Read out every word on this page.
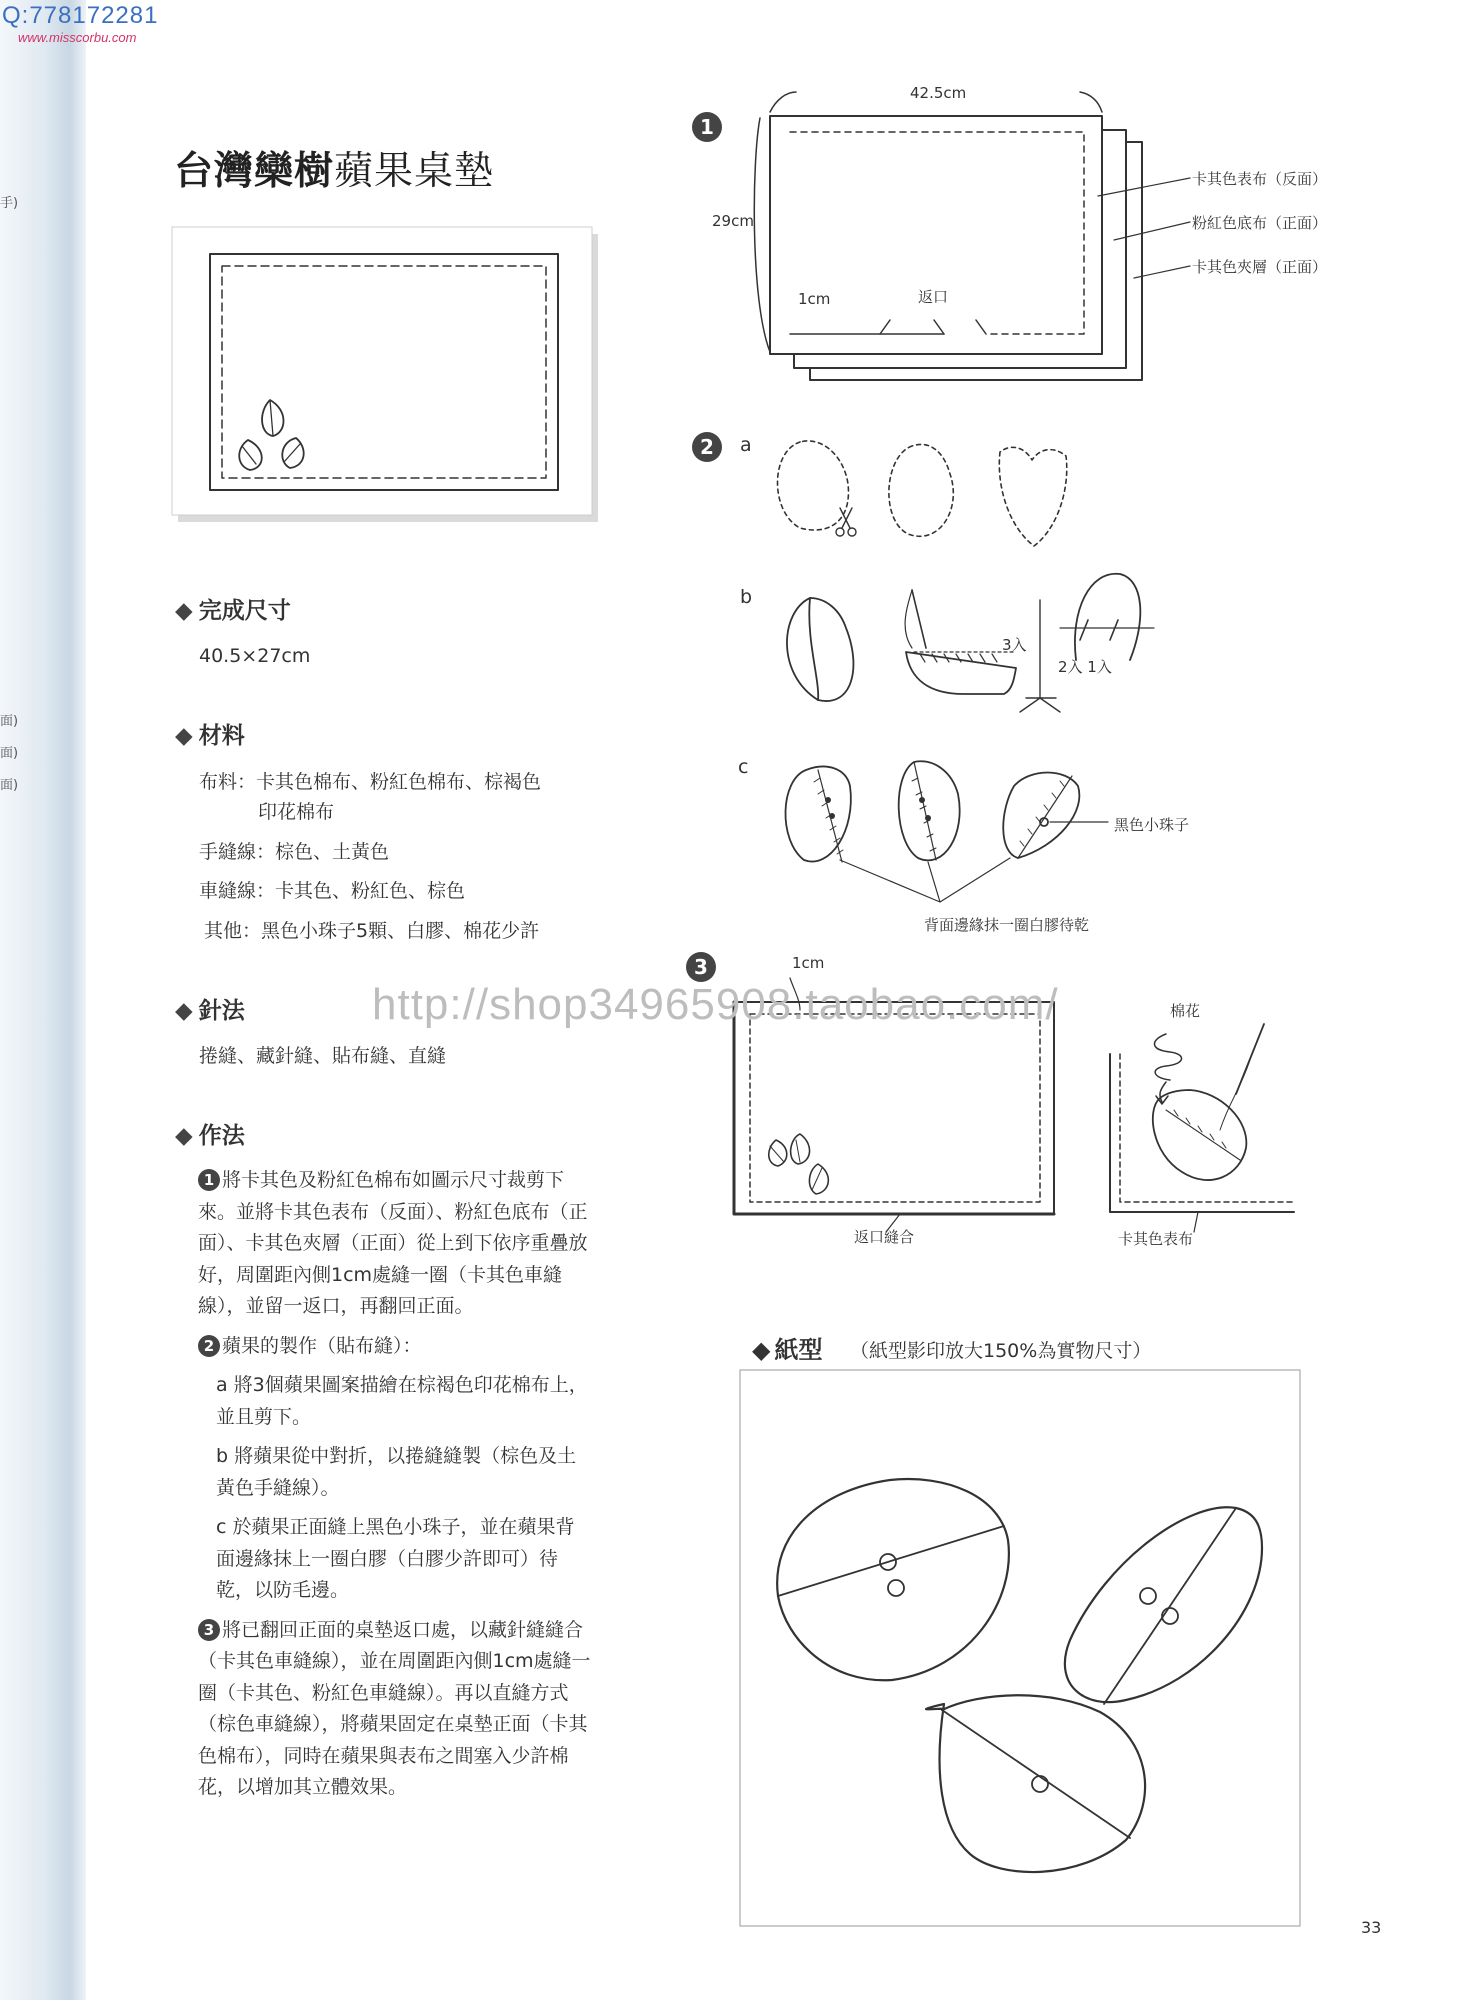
手)
面)
面)
面)
Q:778172281
www.misscorbu.com
台灣欒樹蘋果桌墊
◆ 完成尺寸
40.5×27cm
◆ 材料
布料：卡其色棉布、粉紅色棉布、棕褐色
印花棉布
手縫線：棕色、土黃色
車縫線：卡其色、粉紅色、棕色
其他：黑色小珠子5顆、白膠、棉花少許
◆ 針法
捲縫、藏針縫、貼布縫、直縫
◆ 作法
1 將卡其色及粉紅色棉布如圖示尺寸裁剪下來。並將卡其色表布（反面）、粉紅色底布（正面）、卡其色夾層（正面）從上到下依序重疊放好，周圍距內側1cm處縫一圈（卡其色車縫線），並留一返口，再翻回正面。
2 蘋果的製作（貼布縫）：
a 將3個蘋果圖案描繪在棕褐色印花棉布上，並且剪下。
b 將蘋果從中對折，以捲縫縫製（棕色及土黃色手縫線）。
c 於蘋果正面縫上黑色小珠子，並在蘋果背面邊緣抹上一圈白膠（白膠少許即可）待乾，以防毛邊。
3 將已翻回正面的桌墊返口處，以藏針縫縫合（卡其色車縫線），並在周圍距內側1cm處縫一圈（卡其色、粉紅色車縫線）。再以直縫方式（棕色車縫線），將蘋果固定在桌墊正面（卡其色棉布），同時在蘋果與表布之間塞入少許棉花，以增加其立體效果。
1
42.5cm
29cm
1cm	返口
卡其色表布（反面）
粉紅色底布（正面）
卡其色夾層（正面）
2	a
b
c
3入
2入 1入
黑色小珠子
背面邊緣抹一圈白膠待乾
3	1cm
棉花
返口縫合	卡其色表布
http://shop34965908.taobao.com/
◆ 紙型 （紙型影印放大150%為實物尺寸）
33
